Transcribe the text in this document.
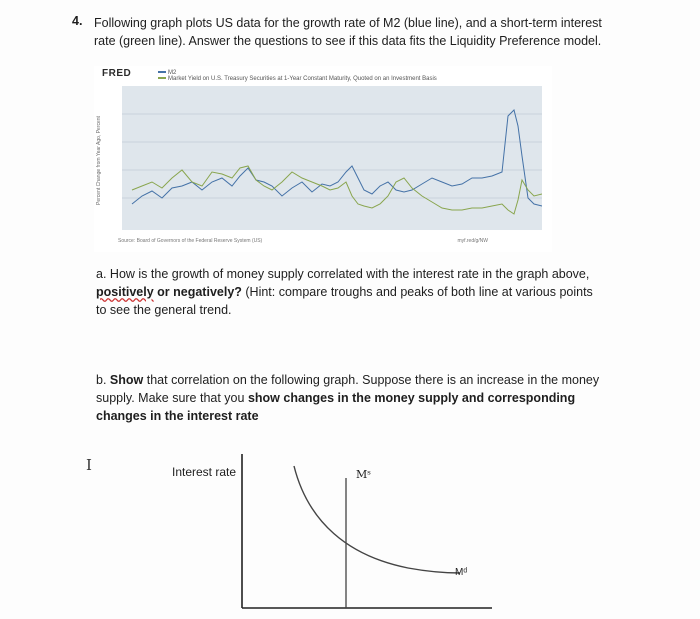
4. Following graph plots US data for the growth rate of M2 (blue line), and a short-term interest rate (green line). Answer the questions to see if this data fits the Liquidity Preference model.
FRED	M2
Market Yield on U.S. Treasury Securities at 1-Year Constant Maturity, Quoted on an Investment Basis
Percent Change from Year Ago, Percent
Source: Board of Governors of the Federal Reserve System (US)	myf.red/g/NW
a. How is the growth of money supply correlated with the interest rate in the graph above, positively or negatively? (Hint: compare troughs and peaks of both line at various points to see the general trend.
b. Show that correlation on the following graph. Suppose there is an increase in the money supply. Make sure that you show changes in the money supply and corresponding changes in the interest rate
I	Interest rate	Mˢ
Mᵈ
